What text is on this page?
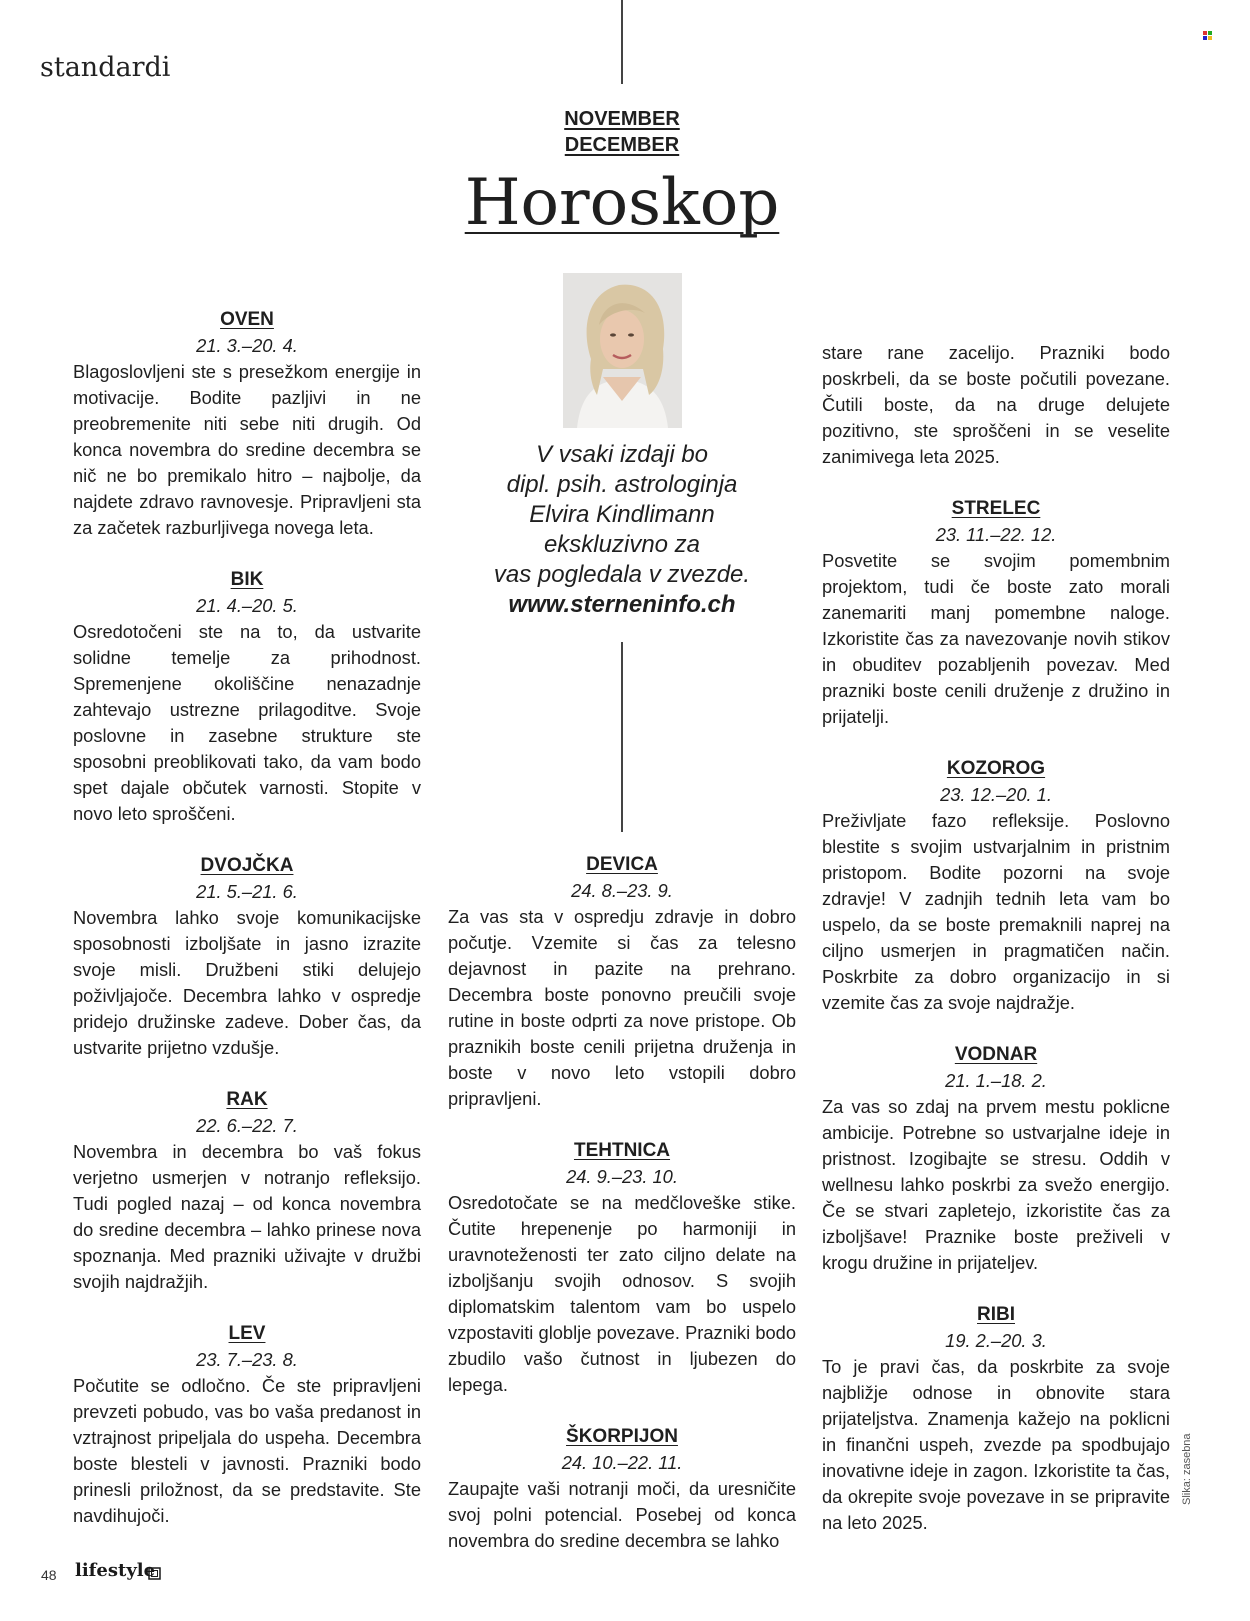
standardi
NOVEMBER
DECEMBER
Horoskop
V vsaki izdaji bo
dipl. psih. astrologinja
Elvira Kindlimann
ekskluzivno za
vas pogledala v zvezde.
www.sterneninfo.ch
OVEN
21. 3.–20. 4.
Blagoslovljeni ste s presežkom energije in motivacije. Bodite pazljivi in ne preobremenite niti sebe niti drugih. Od konca novembra do sredine decembra se nič ne bo premikalo hitro – najbolje, da najdete zdravo ravnovesje. Pripravljeni sta za začetek razburljivega novega leta.
BIK
21. 4.–20. 5.
Osredotočeni ste na to, da ustvarite solidne temelje za prihodnost. Spremenjene okoliščine nenazadnje zahtevajo ustrezne prilagoditve. Svoje poslovne in zasebne strukture ste sposobni preoblikovati tako, da vam bodo spet dajale občutek varnosti. Stopite v novo leto sproščeni.
DVOJČKA
21. 5.–21. 6.
Novembra lahko svoje komunikacijske sposobnosti izboljšate in jasno izrazite svoje misli. Družbeni stiki delujejo poživljajoče. Decembra lahko v ospredje pridejo družinske zadeve. Dober čas, da ustvarite prijetno vzdušje.
RAK
22. 6.–22. 7.
Novembra in decembra bo vaš fokus verjetno usmerjen v notranjo refleksijo. Tudi pogled nazaj – od konca novembra do sredine decembra – lahko prinese nova spoznanja. Med prazniki uživajte v družbi svojih najdražjih.
LEV
23. 7.–23. 8.
Počutite se odločno. Če ste pripravljeni prevzeti pobudo, vas bo vaša predanost in vztrajnost pripeljala do uspeha. Decembra boste blesteli v javnosti. Prazniki bodo prinesli priložnost, da se predstavite. Ste navdihujoči.
DEVICA
24. 8.–23. 9.
Za vas sta v ospredju zdravje in dobro počutje. Vzemite si čas za telesno dejavnost in pazite na prehrano. Decembra boste ponovno preučili svoje rutine in boste odprti za nove pristope. Ob praznikih boste cenili prijetna druženja in boste v novo leto vstopili dobro pripravljeni.
TEHTNICA
24. 9.–23. 10.
Osredotočate se na medčloveške stike. Čutite hrepenenje po harmoniji in uravnoteženosti ter zato ciljno delate na izboljšanju svojih odnosov. S svojih diplomatskim talentom vam bo uspelo vzpostaviti globlje povezave. Prazniki bodo zbudilo vašo čutnost in ljubezen do lepega.
ŠKORPIJON
24. 10.–22. 11.
Zaupajte vaši notranji moči, da uresničite svoj polni potencial. Posebej od konca novembra do sredine decembra se lahko
stare rane zacelijo. Prazniki bodo poskrbeli, da se boste počutili povezane. Čutili boste, da na druge delujete pozitivno, ste sproščeni in se veselite zanimivega leta 2025.
STRELEC
23. 11.–22. 12.
Posvetite se svojim pomembnim projektom, tudi če boste zato morali zanemariti manj pomembne naloge. Izkoristite čas za navezovanje novih stikov in obuditev pozabljenih povezav. Med prazniki boste cenili druženje z družino in prijatelji.
KOZOROG
23. 12.–20. 1.
Preživljate fazo refleksije. Poslovno blestite s svojim ustvarjalnim in pristnim pristopom. Bodite pozorni na svoje zdravje! V zadnjih tednih leta vam bo uspelo, da se boste premaknili naprej na ciljno usmerjen in pragmatičen način. Poskrbite za dobro organizacijo in si vzemite čas za svoje najdražje.
VODNAR
21. 1.–18. 2.
Za vas so zdaj na prvem mestu poklicne ambicije. Potrebne so ustvarjalne ideje in pristnost. Izogibajte se stresu. Oddih v wellnesu lahko poskrbi za svežo energijo. Če se stvari zapletejo, izkoristite čas za izboljšave! Praznike boste preživeli v krogu družine in prijateljev.
RIBI
19. 2.–20. 3.
To je pravi čas, da poskrbite za svoje najbližje odnose in obnovite stara prijateljstva. Znamenja kažejo na poklicni in finančni uspeh, zvezde pa spodbujajo inovativne ideje in zagon. Izkoristite ta čas, da okrepite svoje povezave in se pripravite na leto 2025.
Slika: zasebna
48 lifestyle
